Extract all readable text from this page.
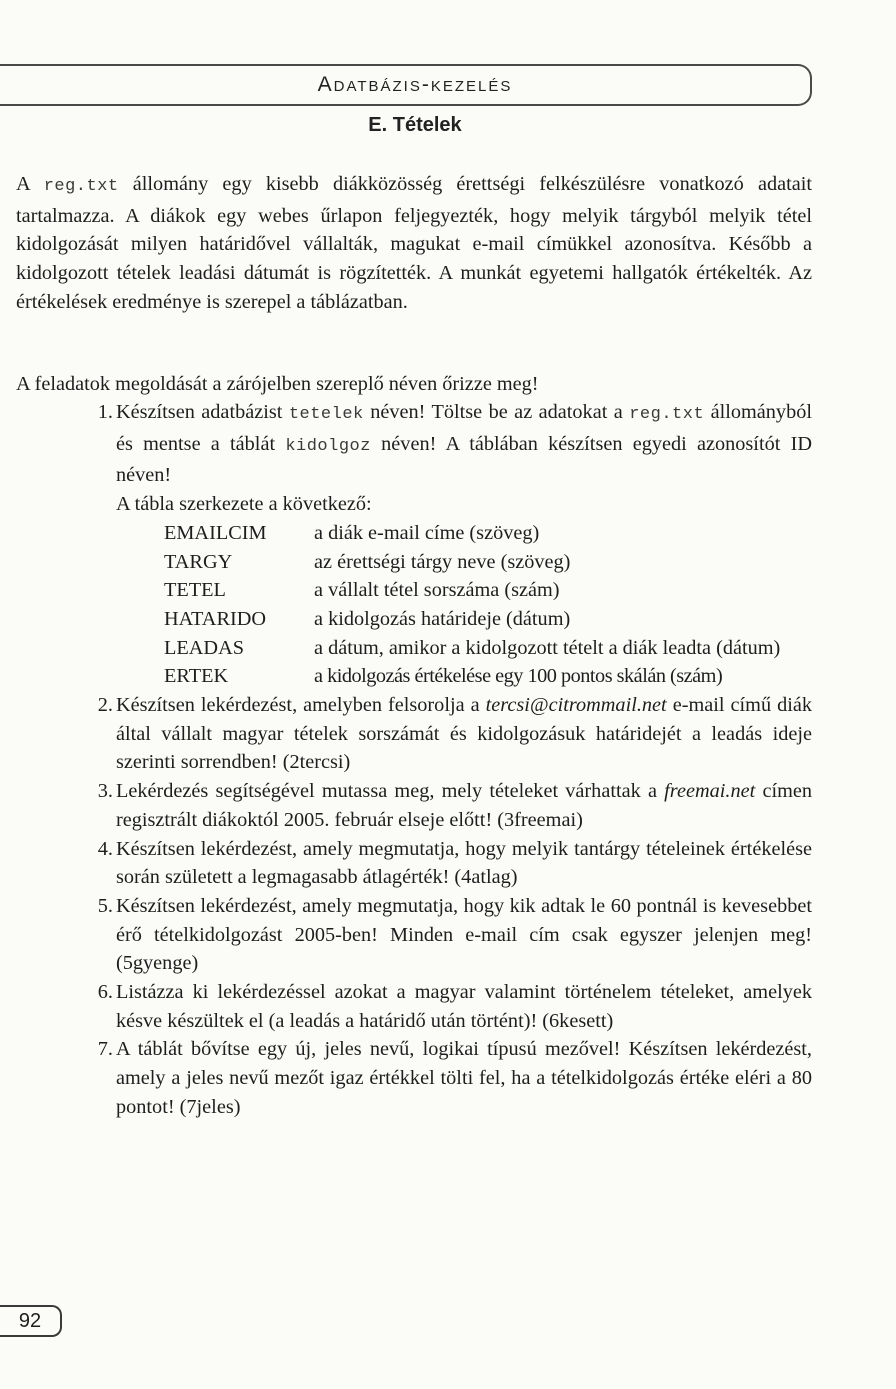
Adatbázis-kezelés
E. Tételek
A reg.txt állomány egy kisebb diákközösség érettségi felkészülésre vonatkozó adatait tartalmazza. A diákok egy webes űrlapon feljegyezték, hogy melyik tárgyból melyik tétel kidolgozását milyen határidővel vállalták, magukat e-mail címükkel azonosítva. Később a kidolgozott tételek leadási dátumát is rögzítették. A munkát egyetemi hallgatók értékelték. Az értékelések eredménye is szerepel a táblázatban.
A feladatok megoldását a zárójelben szereplő néven őrizze meg!
1. Készítsen adatbázist tetelek néven! Töltse be az adatokat a reg.txt állományból és mentse a táblát kidolgoz néven! A táblában készítsen egyedi azonosítót ID néven!
A tábla szerkezete a következő:
EMAILCIM	a diák e-mail címe (szöveg)
TARGY	az érettségi tárgy neve (szöveg)
TETEL	a vállalt tétel sorszáma (szám)
HATARIDO	a kidolgozás határideje (dátum)
LEADAS	a dátum, amikor a kidolgozott tételt a diák leadta (dátum)
ERTEK	a kidolgozás értékelése egy 100 pontos skálán (szám)
2. Készítsen lekérdezést, amelyben felsorolja a tercsi@citrommail.net e-mail című diák által vállalt magyar tételek sorszámát és kidolgozásuk határidejét a leadás ideje szerinti sorrendben! (2tercsi)
3. Lekérdezés segítségével mutassa meg, mely tételeket várhattak a freemai.net címen regisztrált diákoktól 2005. február elseje előtt! (3freemai)
4. Készítsen lekérdezést, amely megmutatja, hogy melyik tantárgy tételeinek értékelése során született a legmagasabb átlagérték! (4atlag)
5. Készítsen lekérdezést, amely megmutatja, hogy kik adtak le 60 pontnál is kevesebbet érő tételkidolgozást 2005-ben! Minden e-mail cím csak egyszer jelenjen meg! (5gyenge)
6. Listázza ki lekérdezéssel azokat a magyar valamint történelem tételeket, amelyek késve készültek el (a leadás a határidő után történt)! (6kesett)
7. A táblát bővítse egy új, jeles nevű, logikai típusú mezővel! Készítsen lekérdezést, amely a jeles nevű mezőt igaz értékkel tölti fel, ha a tételkidolgozás értéke eléri a 80 pontot! (7jeles)
92
